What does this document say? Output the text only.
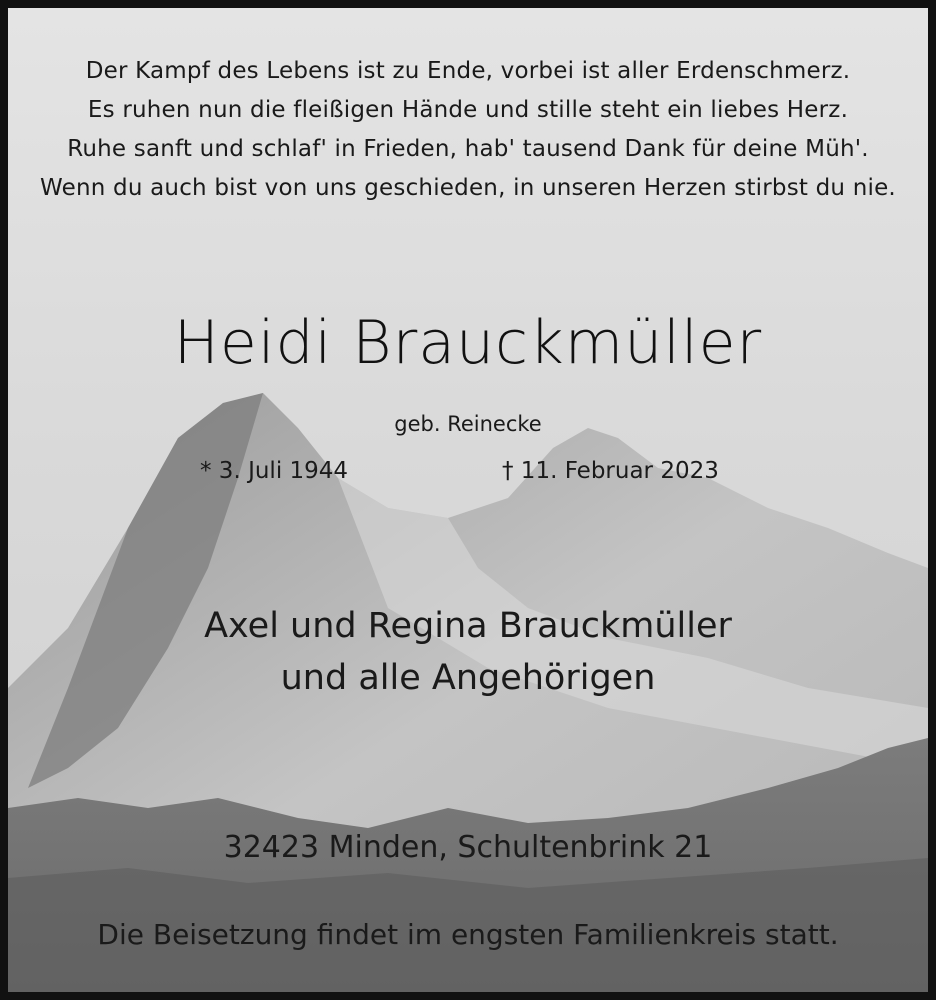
Der Kampf des Lebens ist zu Ende, vorbei ist aller Erdenschmerz.
Es ruhen nun die fleißigen Hände und stille steht ein liebes Herz.
Ruhe sanft und schlaf' in Frieden, hab' tausend Dank für deine Müh'.
Wenn du auch bist von uns geschieden, in unseren Herzen stirbst du nie.
Heidi Brauckmüller
geb. Reinecke
* 3. Juli 1944	† 11. Februar 2023
Axel und Regina Brauckmüller
und alle Angehörigen
32423 Minden, Schultenbrink 21
Die Beisetzung findet im engsten Familienkreis statt.
